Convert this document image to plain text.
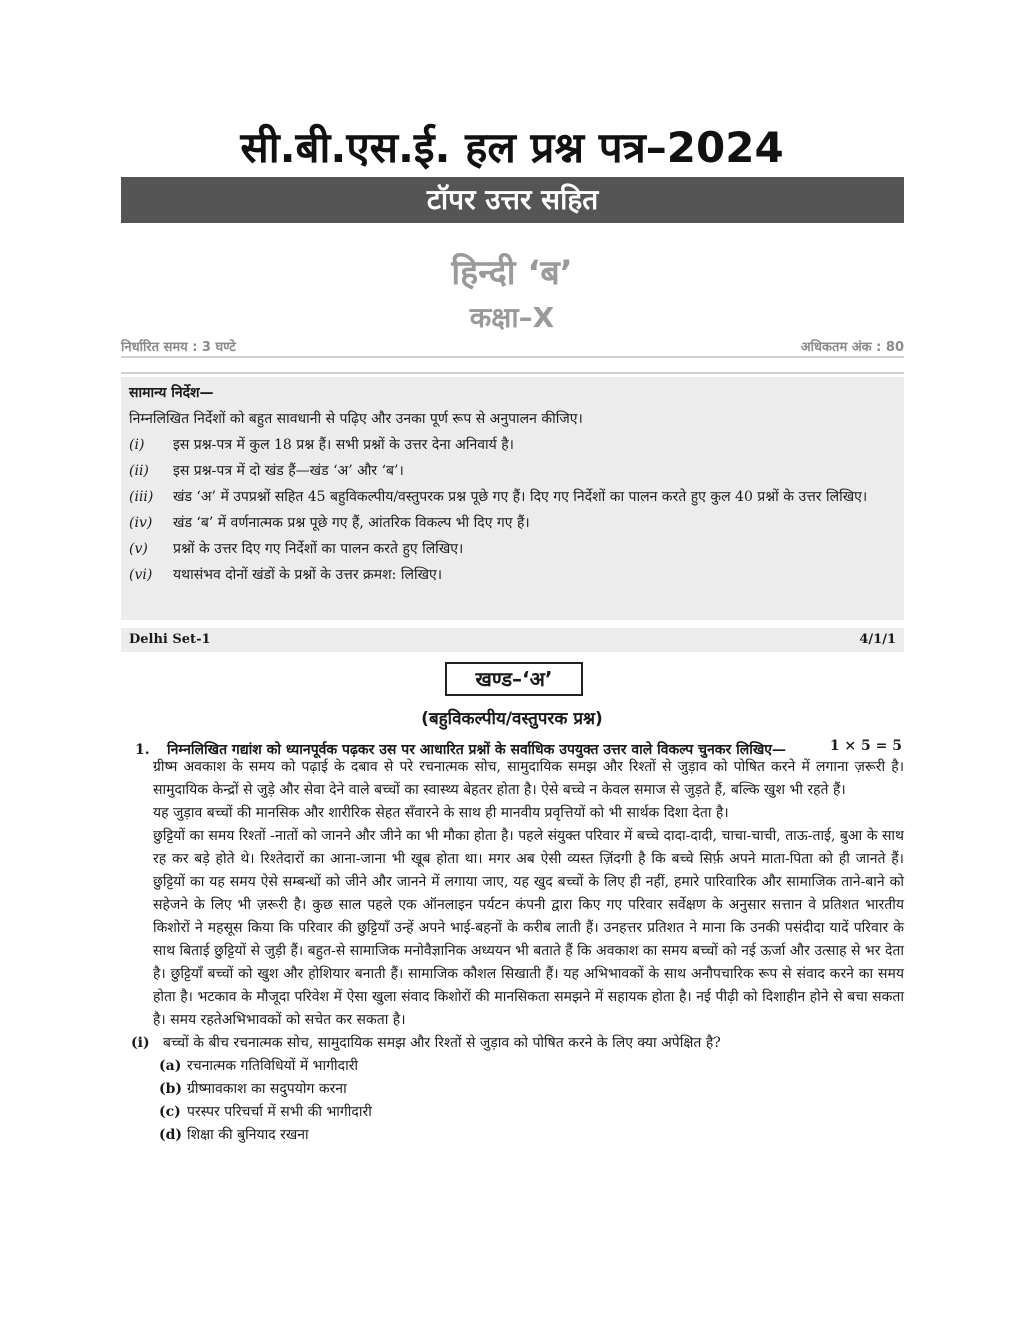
सी.बी.एस.ई. हल प्रश्न पत्र–2024
टॉपर उत्तर सहित
हिन्दी ‘ब’
कक्षा–X
निर्धारित समय : 3 घण्टे	अधिकतम अंक : 80
सामान्य निर्देश—
निम्नलिखित निर्देशों को बहुत सावधानी से पढ़िए और उनका पूर्ण रूप से अनुपालन कीजिए।
(i)	इस प्रश्न-पत्र में कुल 18 प्रश्न हैं। सभी प्रश्नों के उत्तर देना अनिवार्य है।
(ii)	इस प्रश्न-पत्र में दो खंड हैं—खंड ‘अ’ और ‘ब’।
(iii)	खंड ‘अ’ में उपप्रश्नों सहित 45 बहुविकल्पीय/वस्तुपरक प्रश्न पूछे गए हैं। दिए गए निर्देशों का पालन करते हुए कुल 40 प्रश्नों के उत्तर लिखिए।
(iv)	खंड ‘ब’ में वर्णनात्मक प्रश्न पूछे गए हैं, आंतरिक विकल्प भी दिए गए हैं।
(v)	प्रश्नों के उत्तर दिए गए निर्देशों का पालन करते हुए लिखिए।
(vi)	यथासंभव दोनों खंडों के प्रश्नों के उत्तर क्रमश: लिखिए।
Delhi Set-1	4/1/1
खण्ड–‘अ’
(बहुविकल्पीय/वस्तुपरक प्रश्न)
1.	निम्नलिखित गद्यांश को ध्यानपूर्वक पढ़कर उस पर आधारित प्रश्नों के सर्वाधिक उपयुक्त उत्तर वाले विकल्प चुनकर लिखिए—	1 × 5 = 5

ग्रीष्म अवकाश के समय को पढ़ाई के दबाव से परे रचनात्मक सोच, सामुदायिक समझ और रिश्तों से जुड़ाव को पोषित करने में लगाना ज़रूरी है। सामुदायिक केन्द्रों से जुड़े और सेवा देने वाले बच्चों का स्वास्थ्य बेहतर होता है। ऐसे बच्चे न केवल समाज से जुड़ते हैं, बल्कि खुश भी रहते हैं।

यह जुड़ाव बच्चों की मानसिक और शारीरिक सेहत सँवारने के साथ ही मानवीय प्रवृत्तियों को भी सार्थक दिशा देता है।

छुट्टियों का समय रिश्तों -नातों को जानने और जीने का भी मौका होता है। पहले संयुक्त परिवार में बच्चे दादा-दादी, चाचा-चाची, ताऊ-ताई, बुआ के साथ रह कर बड़े होते थे। रिश्तेदारों का आना-जाना भी खूब होता था। मगर अब ऐसी व्यस्त ज़िंदगी है कि बच्चे सिर्फ़ अपने माता-पिता को ही जानते हैं। छुट्टियों का यह समय ऐसे सम्बन्धों को जीने और जानने में लगाया जाए, यह खुद बच्चों के लिए ही नहीं, हमारे पारिवारिक और सामाजिक ताने-बाने को सहेजने के लिए भी ज़रूरी है। कुछ साल पहले एक ऑनलाइन पर्यटन कंपनी द्वारा किए गए परिवार सर्वेक्षण के अनुसार सत्तान वे प्रतिशत भारतीय किशोरों ने महसूस किया कि परिवार की छुट्टियाँ उन्हें अपने भाई-बहनों के करीब लाती हैं। उनहत्तर प्रतिशत ने माना कि उनकी पसंदीदा यादें परिवार के साथ बिताई छुट्टियों से जुड़ी हैं। बहुत-से सामाजिक मनोवैज्ञानिक अध्ययन भी बताते हैं कि अवकाश का समय बच्चों को नई ऊर्जा और उत्साह से भर देता है। छुट्टियाँ बच्चों को खुश और होशियार बनाती हैं। सामाजिक कौशल सिखाती हैं। यह अभिभावकों के साथ अनौपचारिक रूप से संवाद करने का समय होता है। भटकाव के मौजूदा परिवेश में ऐसा खुला संवाद किशोरों की मानसिकता समझने में सहायक होता है। नई पीढ़ी को दिशाहीन होने से बचा सकता है। समय रहतेअभिभावकों को सचेत कर सकता है।

(i) बच्चों के बीच रचनात्मक सोच, सामुदायिक समझ और रिश्तों से जुड़ाव को पोषित करने के लिए क्या अपेक्षित है?
(a) रचनात्मक गतिविधियों में भागीदारी
(b) ग्रीष्मावकाश का सदुपयोग करना
(c) परस्पर परिचर्चा में सभी की भागीदारी
(d) शिक्षा की बुनियाद रखना
